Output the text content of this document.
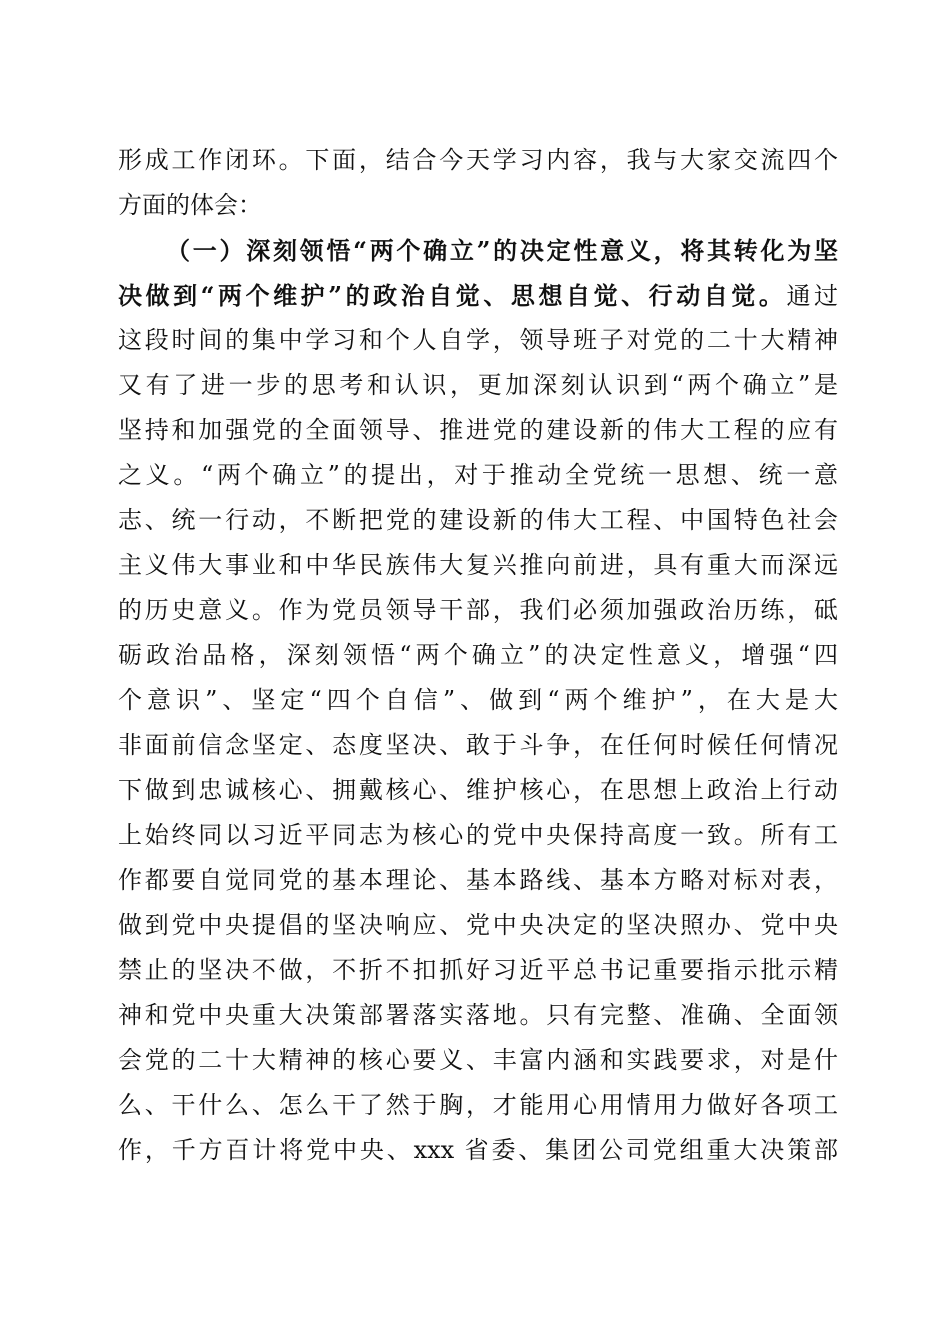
形成工作闭环。下面，结合今天学习内容，我与大家交流四个
方面的体会：
（一）深刻领悟“两个确立”的决定性意义，将其转化为坚
决做到“两个维护”的政治自觉、思想自觉、行动自觉。通过
这段时间的集中学习和个人自学，领导班子对党的二十大精神
又有了进一步的思考和认识，更加深刻认识到“两个确立”是
坚持和加强党的全面领导、推进党的建设新的伟大工程的应有
之义。“两个确立”的提出，对于推动全党统一思想、统一意
志、统一行动，不断把党的建设新的伟大工程、中国特色社会
主义伟大事业和中华民族伟大复兴推向前进，具有重大而深远
的历史意义。作为党员领导干部，我们必须加强政治历练，砥
砺政治品格，深刻领悟“两个确立”的决定性意义，增强“四
个意识”、坚定“四个自信”、做到“两个维护”，在大是大
非面前信念坚定、态度坚决、敢于斗争，在任何时候任何情况
下做到忠诚核心、拥戴核心、维护核心，在思想上政治上行动
上始终同以习近平同志为核心的党中央保持高度一致。所有工
作都要自觉同党的基本理论、基本路线、基本方略对标对表，
做到党中央提倡的坚决响应、党中央决定的坚决照办、党中央
禁止的坚决不做，不折不扣抓好习近平总书记重要指示批示精
神和党中央重大决策部署落实落地。只有完整、准确、全面领
会党的二十大精神的核心要义、丰富内涵和实践要求，对是什
么、干什么、怎么干了然于胸，才能用心用情用力做好各项工
作，千方百计将党中央、xxx 省委、集团公司党组重大决策部
